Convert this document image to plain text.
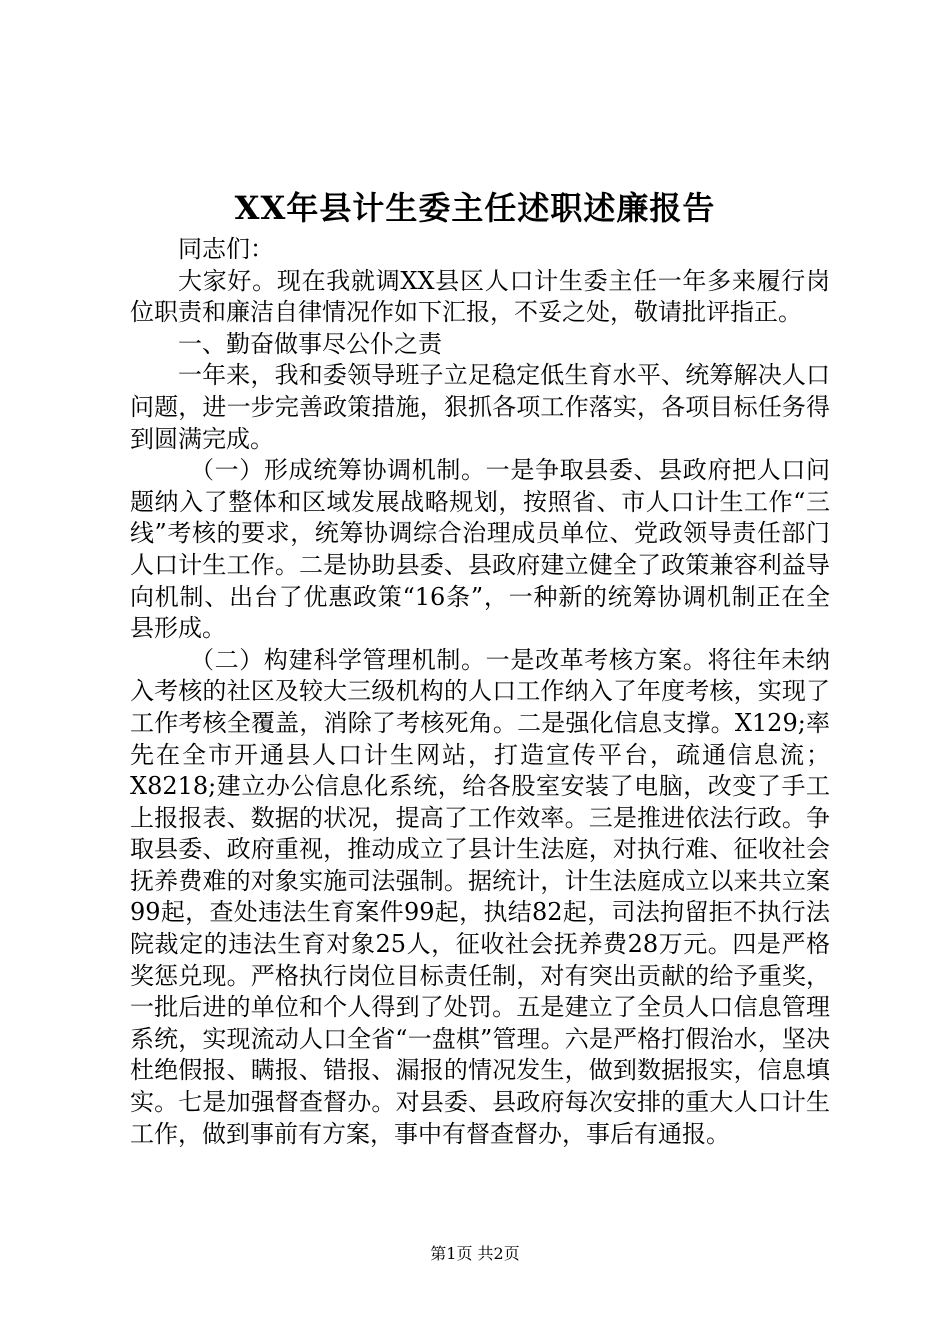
XX年县计生委主任述职述廉报告

同志们：

大家好。现在我就调XX县区人口计生委主任一年多来履行岗位职责和廉洁自律情况作如下汇报，不妥之处，敬请批评指正。

一、勤奋做事尽公仆之责

一年来，我和委领导班子立足稳定低生育水平、统筹解决人口问题，进一步完善政策措施，狠抓各项工作落实，各项目标任务得到圆满完成。

（一）形成统筹协调机制。一是争取县委、县政府把人口问题纳入了整体和区域发展战略规划，按照省、市人口计生工作“三线”考核的要求，统筹协调综合治理成员单位、党政领导责任部门人口计生工作。二是协助县委、县政府建立健全了政策兼容利益导向机制、出台了优惠政策“16条”，一种新的统筹协调机制正在全县形成。

（二）构建科学管理机制。一是改革考核方案。将往年未纳入考核的社区及较大三级机构的人口工作纳入了年度考核，实现了工作考核全覆盖，消除了考核死角。二是强化信息支撑。X129;率先在全市开通县人口计生网站，打造宣传平台，疏通信息流；X8218;建立办公信息化系统，给各股室安装了电脑，改变了手工上报报表、数据的状况，提高了工作效率。三是推进依法行政。争取县委、政府重视，推动成立了县计生法庭，对执行难、征收社会抚养费难的对象实施司法强制。据统计，计生法庭成立以来共立案99起，查处违法生育案件99起，执结82起，司法拘留拒不执行法院裁定的违法生育对象25人，征收社会抚养费28万元。四是严格奖惩兑现。严格执行岗位目标责任制，对有突出贡献的给予重奖，一批后进的单位和个人得到了处罚。五是建立了全员人口信息管理系统，实现流动人口全省“一盘棋”管理。六是严格打假治水，坚决杜绝假报、瞒报、错报、漏报的情况发生，做到数据报实，信息填实。七是加强督查督办。对县委、县政府每次安排的重大人口计生工作，做到事前有方案，事中有督查督办，事后有通报。

第1页 共2页
